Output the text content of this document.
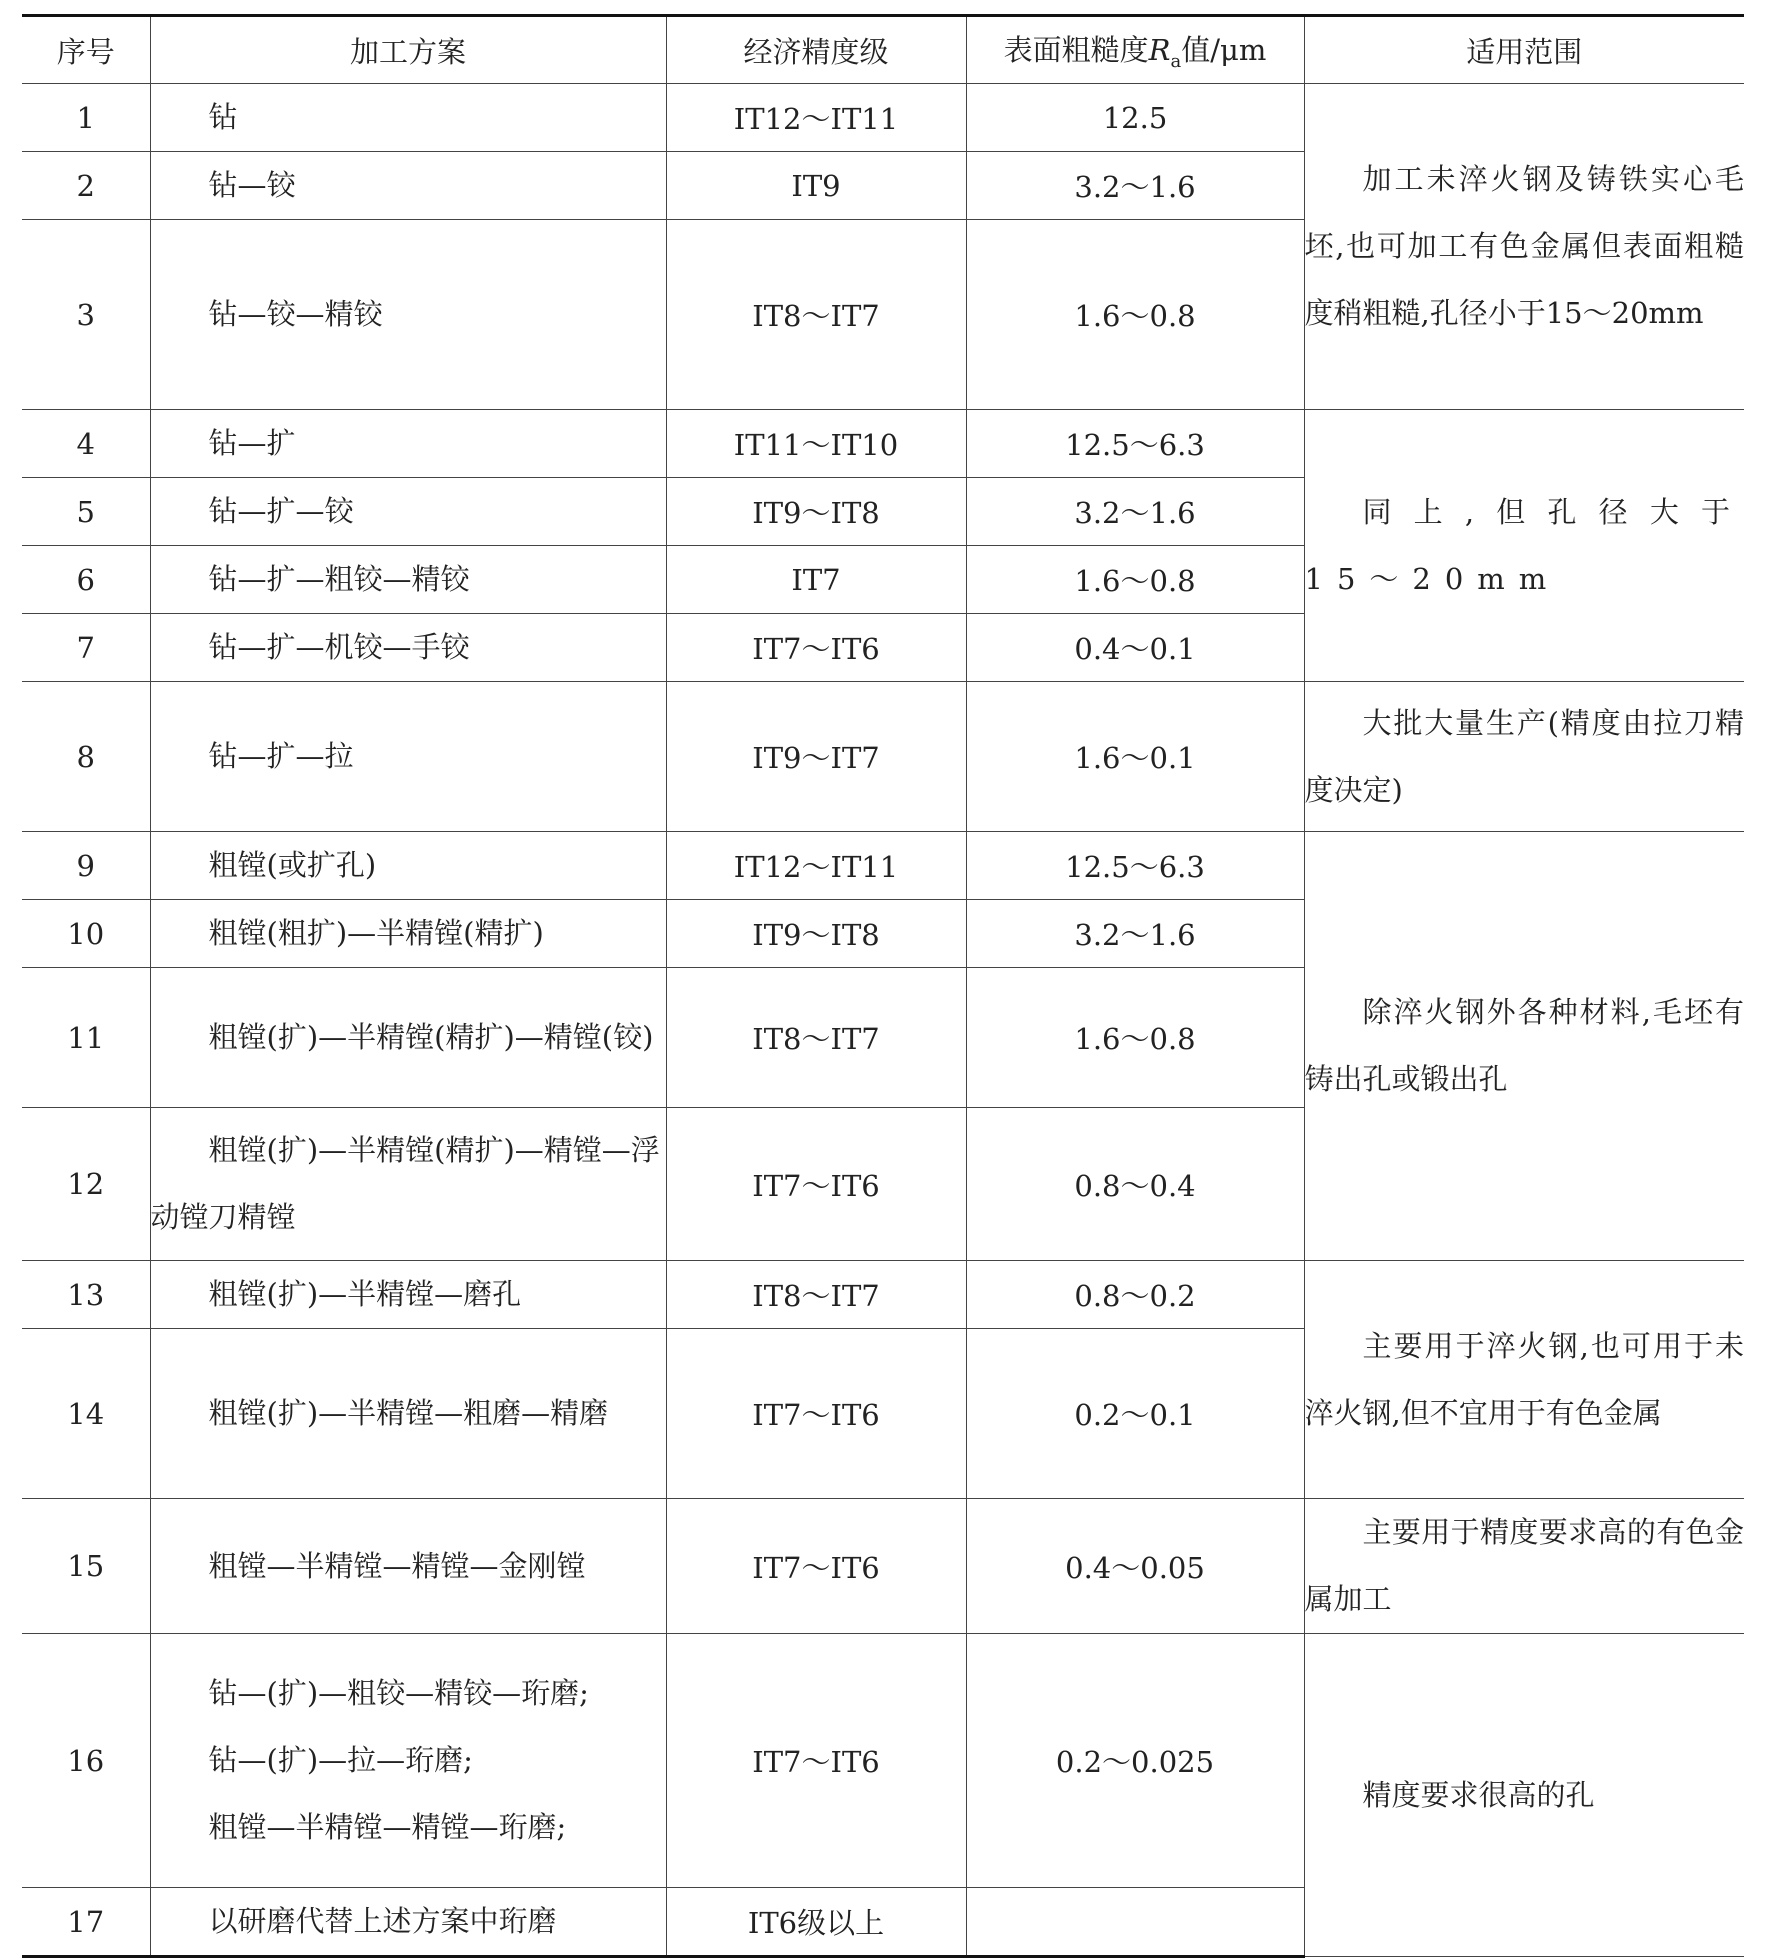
序号	加工方案	经济精度级	表面粗糙度$R_a$值/μm	适用范围
1	钻	IT12～IT11	12.5	加工未淬火钢及铸铁实心毛坯,也可加工有色金属但表面粗糙度稍粗糙,孔径小于15～20mm

2	钻—铰	IT9	3.2～1.6	
3	钻—铰—精铰	IT8～IT7	1.6～0.8	
4	钻—扩	IT11～IT10	12.5～6.3	同上,但孔径大于15～20mm

5	钻—扩—铰	IT9～IT8	3.2～1.6	
6	钻—扩—粗铰—精铰	IT7	1.6～0.8	
7	钻—扩—机铰—手铰	IT7～IT6	0.4～0.1	
8	钻—扩—拉	IT9～IT7	1.6～0.1	大批大量生产(精度由拉刀精度决定)

9	粗镗(或扩孔)	IT12～IT11	12.5～6.3	除淬火钢外各种材料,毛坯有铸出孔或锻出孔

10	粗镗(粗扩)—半精镗(精扩)	IT9～IT8	3.2～1.6	
11	粗镗(扩)—半精镗(精扩)—精镗(铰)	IT8～IT7	1.6～0.8	
12	粗镗(扩)—半精镗(精扩)—精镗—浮动镗刀精镗	IT7～IT6	0.8～0.4	
13	粗镗(扩)—半精镗—磨孔	IT8～IT7	0.8～0.2	主要用于淬火钢,也可用于未淬火钢,但不宜用于有色金属

14	粗镗(扩)—半精镗—粗磨—精磨	IT7～IT6	0.2～0.1	
15	粗镗—半精镗—精镗—金刚镗	IT7～IT6	0.4～0.05	主要用于精度要求高的有色金属加工

16	钻—(扩)—粗铰—精铰—珩磨;
钻—(扩)—拉—珩磨;
粗镗—半精镗—精镗—珩磨;	IT7～IT6	0.2～0.025	精度要求很高的孔

17	以研磨代替上述方案中珩磨	IT6级以上		
